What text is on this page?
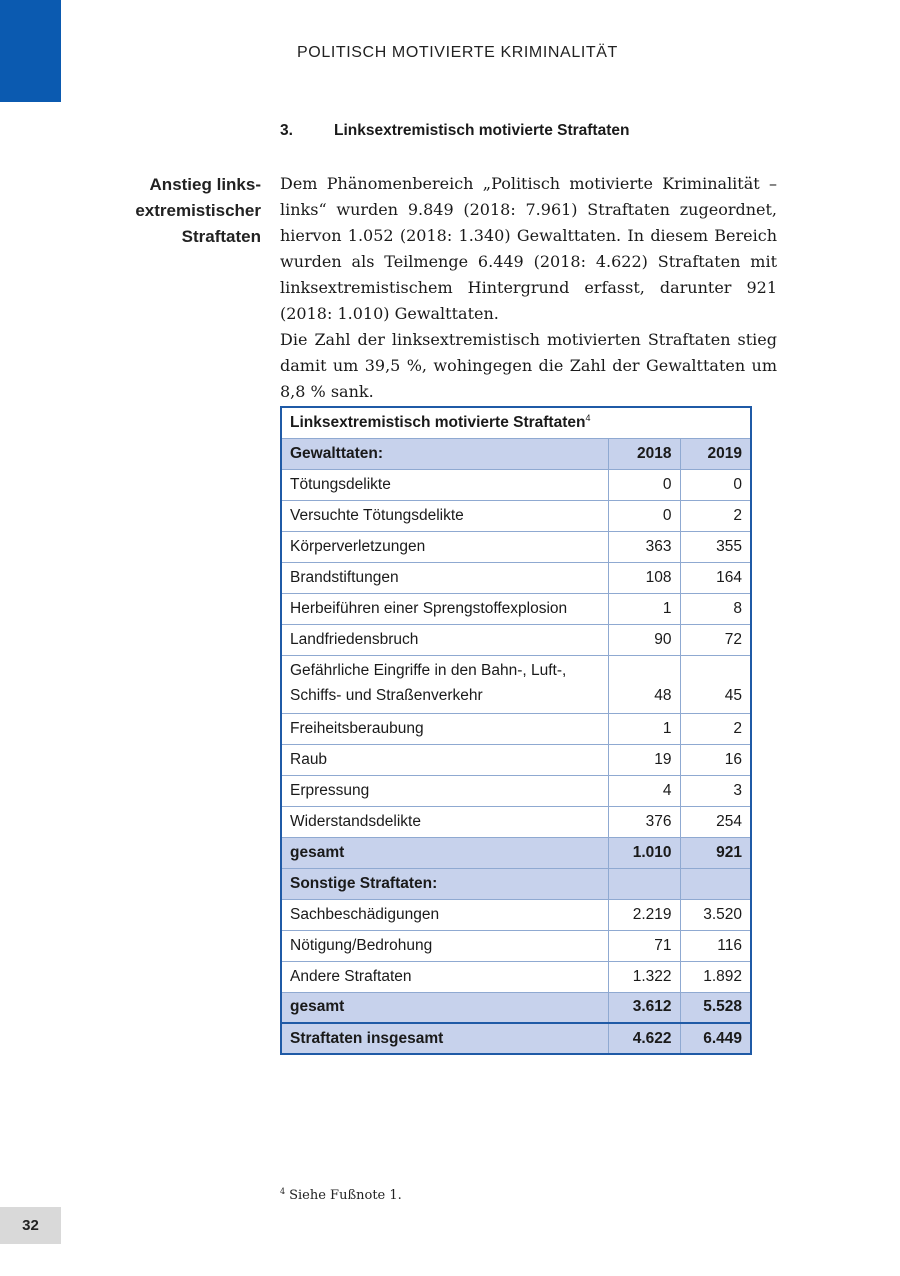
POLITISCH MOTIVIERTE KRIMINALITÄT
3.	Linksextremistisch motivierte Straftaten
Anstieg links-
extremistischer
Straftaten

Dem Phänomenbereich „Politisch motivierte Kriminalität – links“ wurden 9.849 (2018: 7.961) Straftaten zugeordnet, hiervon 1.052 (2018: 1.340) Gewalttaten. In diesem Bereich wurden als Teilmenge 6.449 (2018: 4.622) Straftaten mit linksextremistischem Hintergrund erfasst, darunter 921 (2018: 1.010) Gewalttaten.

Die Zahl der linksextremistisch motivierten Straftaten stieg damit um 39,5 %, wohingegen die Zahl der Gewalttaten um 8,8 % sank.

Linksextremistisch motivierte Straftaten$^4$
Gewalttaten:	2018	2019
Tötungsdelikte	0	0
Versuchte Tötungsdelikte	0	2
Körperverletzungen	363	355
Brandstiftungen	108	164
Herbeiführen einer Sprengstoffexplosion	1	8
Landfriedensbruch	90	72

Gefährliche Eingriffe in den Bahn-, Luft-,
Schiffs- und Straßenverkehr	48	45
Freiheitsberaubung	1	2
Raub	19	16
Erpressung	4	3
Widerstandsdelikte	376	254
gesamt	1.010	921
Sonstige Straftaten:		
Sachbeschädigungen	2.219	3.520
Nötigung/Bedrohung	71	116
Andere Straftaten	1.322	1.892
gesamt	3.612	5.528
Straftaten insgesamt	4.622	6.449
$^4$ Siehe Fußnote 1.
32
